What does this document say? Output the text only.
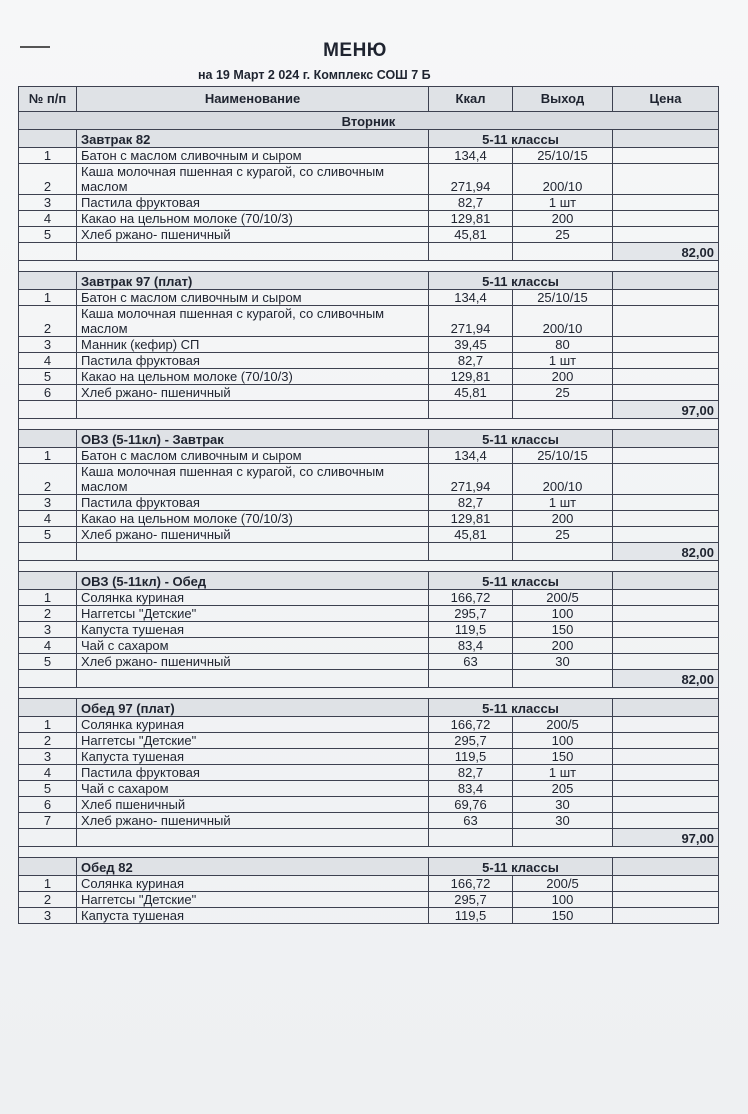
МЕНЮ
на 19 Март 2 024 г. Комплекс СОШ 7 Б
№ п/п	Наименование	Ккал	Выход	Цена
Вторник				
	Завтрак 82	5-11 классы		
1	Батон с маслом сливочным и сыром	134,4	25/10/15	
2	Каша молочная пшенная с курагой, со сливочным маслом	271,94	200/10	
3	Пастила фруктовая	82,7	1 шт	
4	Какао на цельном молоке (70/10/3)	129,81	200	
5	Хлеб ржано- пшеничный	45,81	25	
				82,00

	Завтрак 97 (плат)	5-11 классы		
1	Батон с маслом сливочным и сыром	134,4	25/10/15	
2	Каша молочная пшенная с курагой, со сливочным маслом	271,94	200/10	
3	Манник (кефир) СП	39,45	80	
4	Пастила фруктовая	82,7	1 шт	
5	Какао на цельном молоке (70/10/3)	129,81	200	
6	Хлеб ржано- пшеничный	45,81	25	
				97,00

	ОВЗ (5-11кл) - Завтрак	5-11 классы		
1	Батон с маслом сливочным и сыром	134,4	25/10/15	
2	Каша молочная пшенная с курагой, со сливочным маслом	271,94	200/10	
3	Пастила фруктовая	82,7	1 шт	
4	Какао на цельном молоке (70/10/3)	129,81	200	
5	Хлеб ржано- пшеничный	45,81	25	
				82,00

	ОВЗ (5-11кл) - Обед	5-11 классы		
1	Солянка куриная	166,72	200/5	
2	Наггетсы "Детские"	295,7	100	
3	Капуста тушеная	119,5	150	
4	Чай с сахаром	83,4	200	
5	Хлеб ржано- пшеничный	63	30	
				82,00

	Обед 97 (плат)	5-11 классы		
1	Солянка куриная	166,72	200/5	
2	Наггетсы "Детские"	295,7	100	
3	Капуста тушеная	119,5	150	
4	Пастила фруктовая	82,7	1 шт	
5	Чай с сахаром	83,4	205	
6	Хлеб пшеничный	69,76	30	
7	Хлеб ржано- пшеничный	63	30	
				97,00

	Обед 82	5-11 классы		
1	Солянка куриная	166,72	200/5	
2	Наггетсы "Детские"	295,7	100	
3	Капуста тушеная	119,5	150	
